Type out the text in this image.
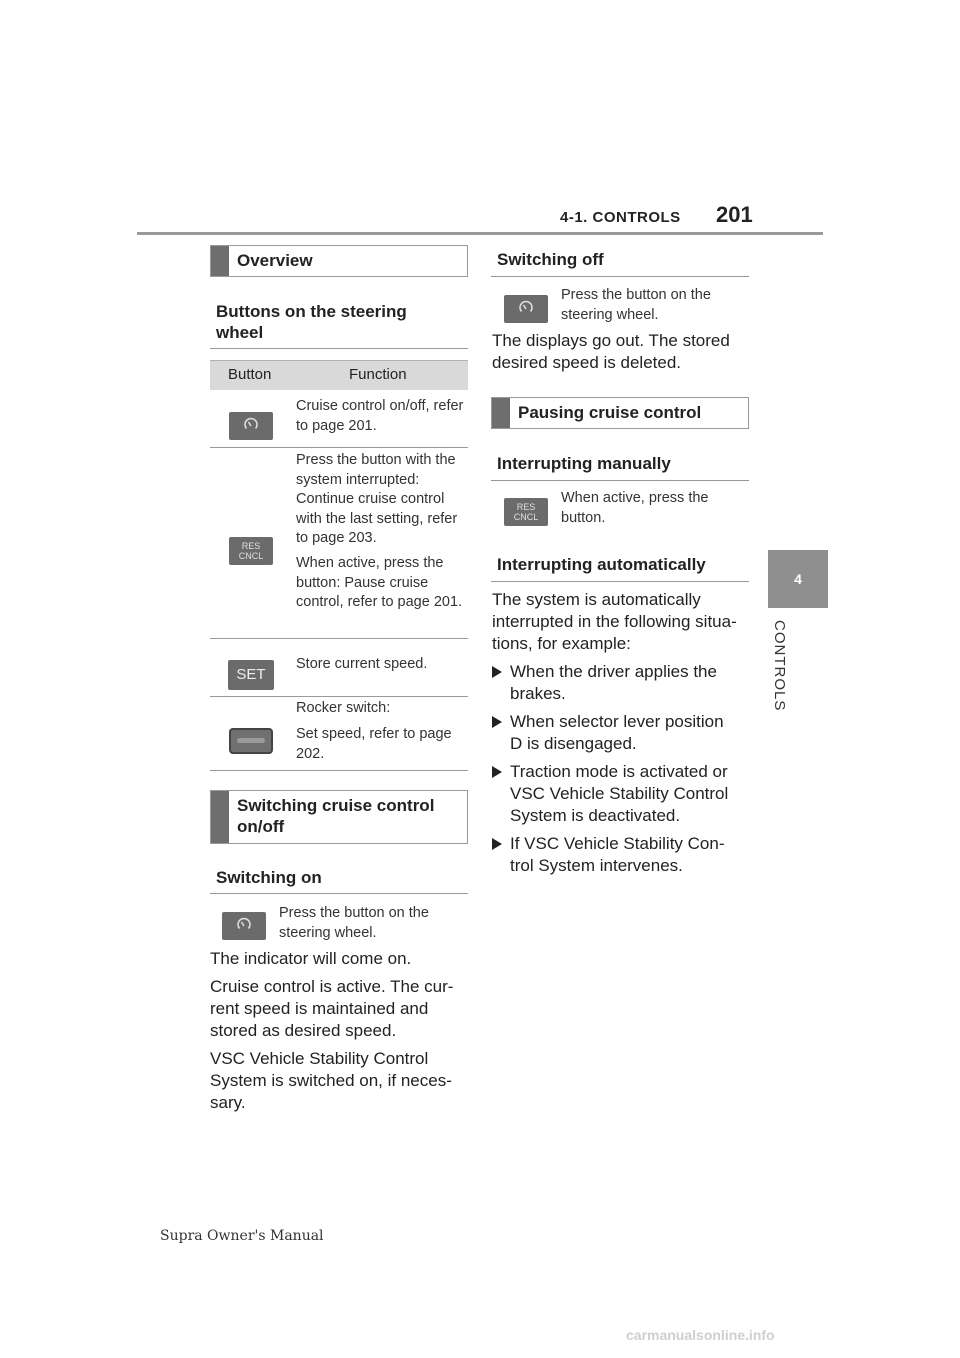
4-1. CONTROLS 201
4
CONTROLS
Overview
Buttons on the steering wheel
Button	Function
Cruise control on/off, refer to page 201.
RES
CNCL
Press the button with the system interrupted: Continue cruise control with the last setting, refer to page 203.
When active, press the button: Pause cruise control, refer to page 201.
SET
Store current speed.
Rocker switch:
Set speed, refer to page 202.
Switching cruise control on/off
Switching on
Press the button on the steering wheel.
The indicator will come on.
Cruise control is active. The cur-
rent speed is maintained and
stored as desired speed.
VSC Vehicle Stability Control
System is switched on, if neces-
sary.
Switching off
Press the button on the steering wheel.
The displays go out. The stored
desired speed is deleted.
Pausing cruise control
Interrupting manually
RES
CNCL
When active, press the button.
Interrupting automatically
The system is automatically
interrupted in the following situa-
tions, for example:
When the driver applies the
brakes.
When selector lever position
D is disengaged.
Traction mode is activated or
VSC Vehicle Stability Control
System is deactivated.
If VSC Vehicle Stability Con-
trol System intervenes.
Supra Owner's Manual
carmanualsonline.info
